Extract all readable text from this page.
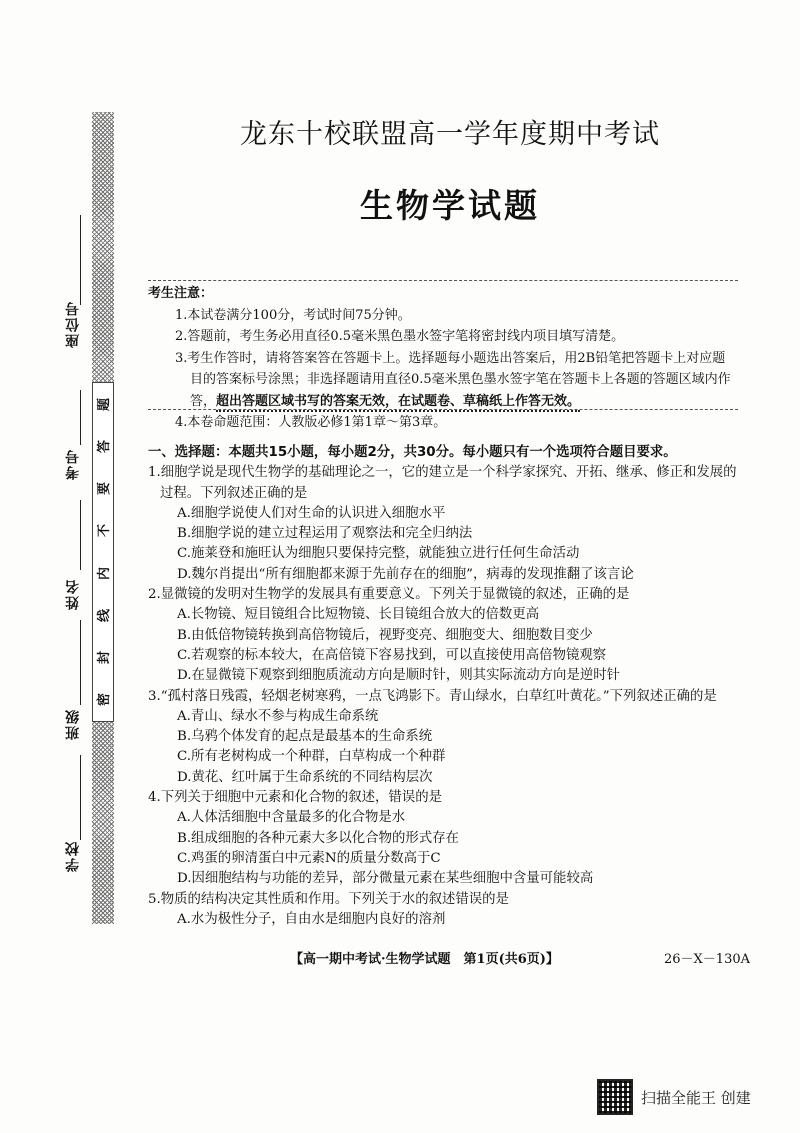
座位号
考号
姓名
班级
学校
题
答
要
不
内
线
封
密
龙东十校联盟高一学年度期中考试
生物学试题
考生注意：
1.本试卷满分100分，考试时间75分钟。
2.答题前，考生务必用直径0.5毫米黑色墨水签字笔将密封线内项目填写清楚。
3.考生作答时，请将答案答在答题卡上。选择题每小题选出答案后，用2B铅笔把答题卡上对应题目的答案标号涂黑；非选择题请用直径0.5毫米黑色墨水签字笔在答题卡上各题的答题区域内作答，超出答题区域书写的答案无效，在试题卷、草稿纸上作答无效。
4.本卷命题范围：人教版必修1第1章～第3章。
一、选择题：本题共15小题，每小题2分，共30分。每小题只有一个选项符合题目要求。
1.细胞学说是现代生物学的基础理论之一，它的建立是一个科学家探究、开拓、继承、修正和发展的过程。下列叙述正确的是
A.细胞学说使人们对生命的认识进入细胞水平
B.细胞学说的建立过程运用了观察法和完全归纳法
C.施莱登和施旺认为细胞只要保持完整，就能独立进行任何生命活动
D.魏尔肖提出“所有细胞都来源于先前存在的细胞”，病毒的发现推翻了该言论
2.显微镜的发明对生物学的发展具有重要意义。下列关于显微镜的叙述，正确的是
A.长物镜、短目镜组合比短物镜、长目镜组合放大的倍数更高
B.由低倍物镜转换到高倍物镜后，视野变亮、细胞变大、细胞数目变少
C.若观察的标本较大，在高倍镜下容易找到，可以直接使用高倍物镜观察
D.在显微镜下观察到细胞质流动方向是顺时针，则其实际流动方向是逆时针
3.“孤村落日残霞，轻烟老树寒鸦，一点飞鸿影下。青山绿水，白草红叶黄花。”下列叙述正确的是
A.青山、绿水不参与构成生命系统
B.乌鸦个体发育的起点是最基本的生命系统
C.所有老树构成一个种群，白草构成一个种群
D.黄花、红叶属于生命系统的不同结构层次
4.下列关于细胞中元素和化合物的叙述，错误的是
A.人体活细胞中含量最多的化合物是水
B.组成细胞的各种元素大多以化合物的形式存在
C.鸡蛋的卵清蛋白中元素N的质量分数高于C
D.因细胞结构与功能的差异，部分微量元素在某些细胞中含量可能较高
5.物质的结构决定其性质和作用。下列关于水的叙述错误的是
A.水为极性分子，自由水是细胞内良好的溶剂
【高一期中考试·生物学试题　第1页(共6页)】	26－X－130A
扫描全能王 创建
